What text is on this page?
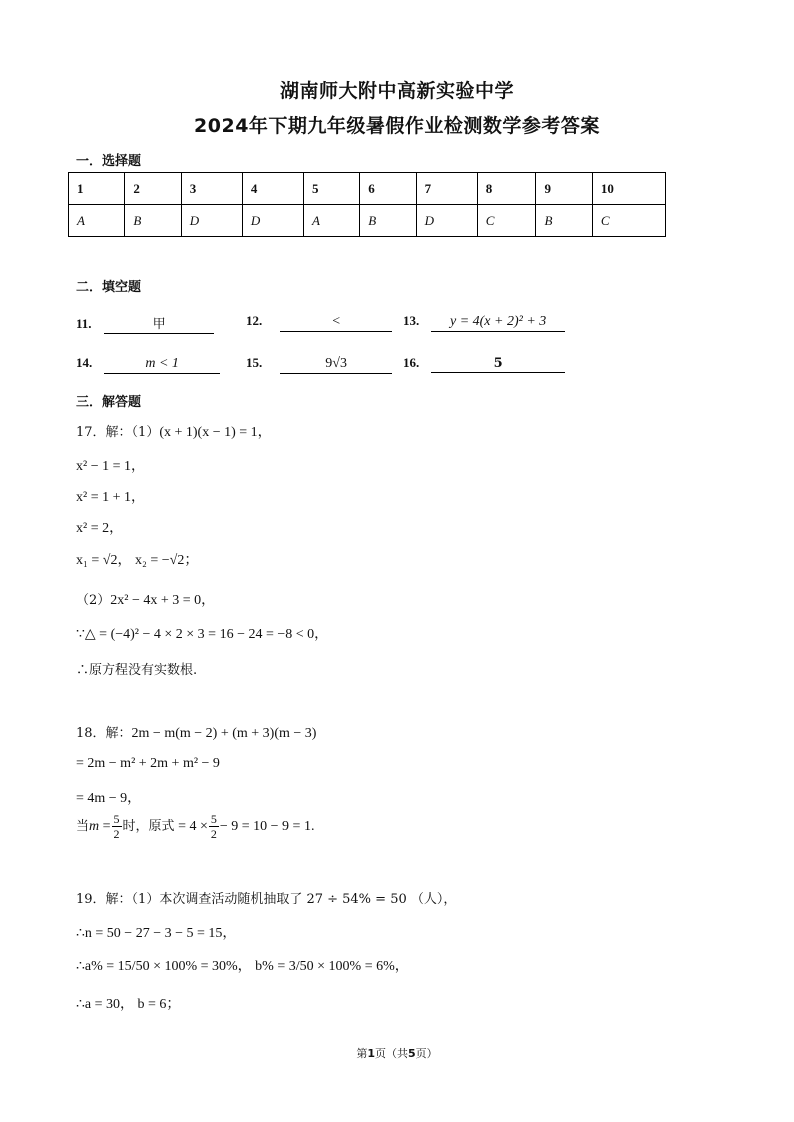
湖南师大附中高新实验中学
2024年下期九年级暑假作业检测数学参考答案
一．选择题
1	2	3	4	5	6	7	8	9	10
A	B	D	D	A	B	D	C	B	C
二．填空题
11.	甲	12.	<	13. y = 4(x + 2)² + 3
14.	m < 1	15.	9√3	16.	5
三．解答题
17．解：（1）(x + 1)(x − 1) = 1，
x² − 1 = 1，
x² = 1 + 1，
x² = 2，
x₁ = √2， x₂ = −√2；
（2）2x² − 4x + 3 = 0，
∵△ = (−4)² − 4 × 2 × 3 = 16 − 24 = −8 < 0，
∴原方程没有实数根.
18．解：2m − m(m − 2) + (m + 3)(m − 3)
= 2m − m² + 2m + m² − 9
= 4m − 9，
当$m = \frac{5}{2}$ 时，原式 = $4 \times \frac{5}{2} - 9 = 10 - 9 = 1$.
19．解：（1）本次调查活动随机抽取了 27 ÷ 54% = 50 （人），
∴n = 50 − 27 − 3 − 5 = 15，
∴a% = 15/50 × 100% = 30%， b% = 3/50 × 100% = 6%，
∴a = 30， b = 6；
第1页（共5页）
